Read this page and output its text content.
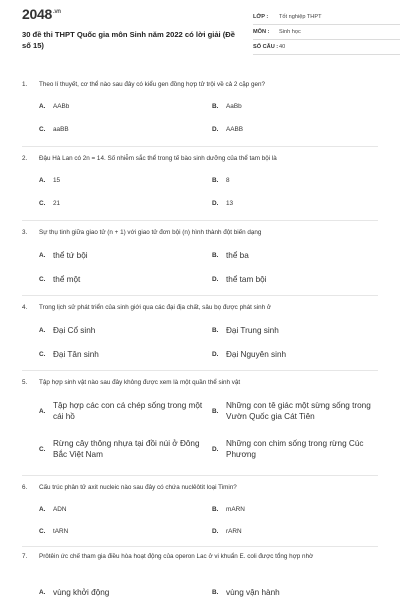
$2048^{.vn}$
30 đề thi THPT Quốc gia môn Sinh năm 2022 có lời giải (Đề số 15)
LỚP :	Tốt nghiệp THPT
MÔN :	Sinh học
SỐ CÂU : 40
1.	Theo lí thuyết, cơ thể nào sau đây có kiểu gen đồng hợp tử trội về cả 2 cặp gen?
A.	AABb	B.	AaBb
C.	aaBB	D.	AABB
2.	Đậu Hà Lan có 2n = 14. Số nhiễm sắc thể trong tế bào sinh dưỡng của thể tam bội là
A.	15	B.	8
C.	21	D.	13
3.	Sự thụ tinh giữa giao tử (n + 1) với giao tử đơn bội (n) hình thành đột biến dạng
A. thể tứ bội	B. thể ba
C. thể một	D. thể tam bội
4.	Trong lịch sử phát triển của sinh giới qua các đại địa chất, sâu bọ được phát sinh ở
A. Đại Cổ sinh	B. Đại Trung sinh
C. Đại Tân sinh	D. Đại Nguyên sinh
5.	Tập hợp sinh vật nào sau đây không được xem là một quần thể sinh vật
A.
Tập hợp các con cá chép sống trong một cái hồ
B.
Những con tê giác một sừng sống trong Vườn Quốc gia Cát Tiên
C.
Rừng cây thông nhựa tại đồi núi ở Đông Bắc Việt Nam
D.
Những con chim sống trong rừng Cúc Phương
6.	Cấu trúc phân tử axit nucleic nào sau đây có chứa nuclêôtit loại Timin?
A.	ADN	B.	mARN
C.	tARN	D.	rARN
7.	Prôtêin ức chế tham gia điều hòa hoạt động của operon Lac ở vi khuẩn E. coli được tổng hợp nhờ
A. vùng khởi động	B. vùng vận hành
